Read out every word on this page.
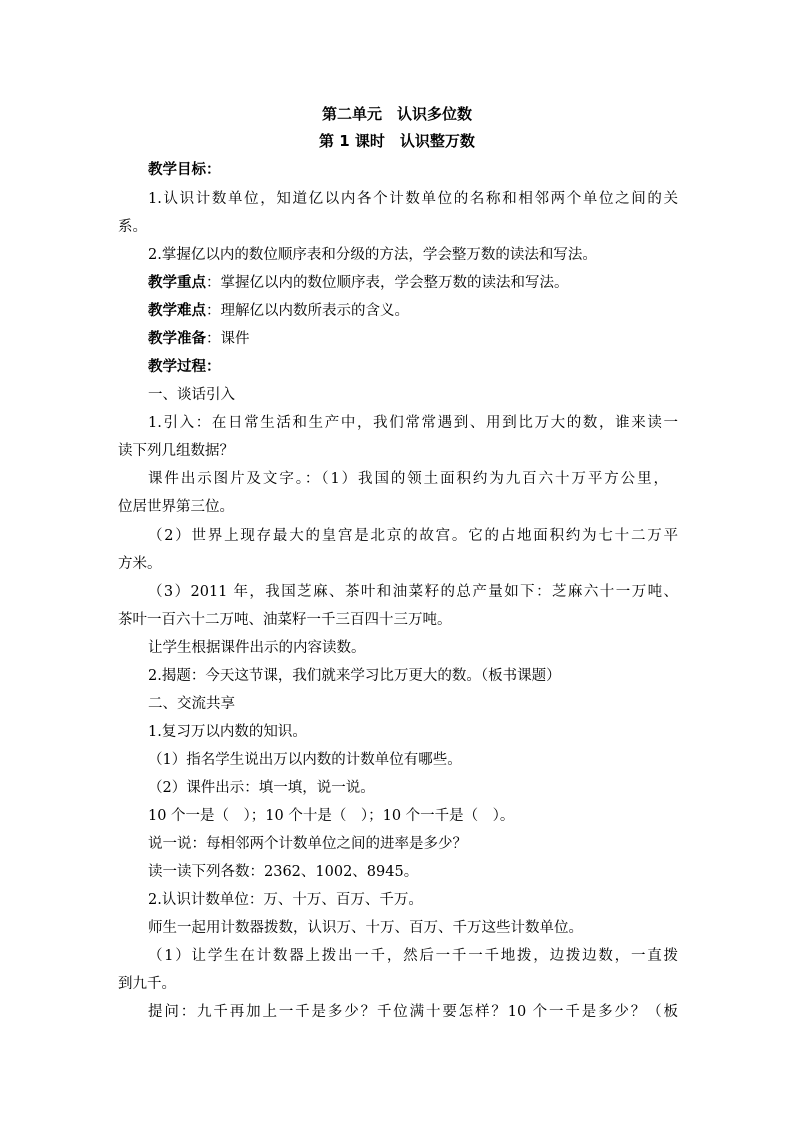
第二单元　认识多位数
第 1 课时　认识整万数
教学目标：
1.认识计数单位，知道亿以内各个计数单位的名称和相邻两个单位之间的关
系。
2.掌握亿以内的数位顺序表和分级的方法，学会整万数的读法和写法。
教学重点：掌握亿以内的数位顺序表，学会整万数的读法和写法。
教学难点：理解亿以内数所表示的含义。
教学准备：课件
教学过程：
一、谈话引入
1.引入：在日常生活和生产中，我们常常遇到、用到比万大的数，谁来读一
读下列几组数据？
课件出示图片及文字。：（1）我国的领土面积约为九百六十万平方公里，
位居世界第三位。
（2）世界上现存最大的皇宫是北京的故宫。它的占地面积约为七十二万平
方米。
（3）2011 年，我国芝麻、茶叶和油菜籽的总产量如下：芝麻六十一万吨、
茶叶一百六十二万吨、油菜籽一千三百四十三万吨。
让学生根据课件出示的内容读数。
2.揭题：今天这节课，我们就来学习比万更大的数。（板书课题）
二、交流共享
1.复习万以内数的知识。
（1）指名学生说出万以内数的计数单位有哪些。
（2）课件出示：填一填，说一说。
10 个一是（　）；10 个十是（　）；10 个一千是（　）。
说一说：每相邻两个计数单位之间的进率是多少？
读一读下列各数：2362、1002、8945。
2.认识计数单位：万、十万、百万、千万。
师生一起用计数器拨数，认识万、十万、百万、千万这些计数单位。
（1）让学生在计数器上拨出一千，然后一千一千地拨，边拨边数，一直拨
到九千。
提问：九千再加上一千是多少？千位满十要怎样？10 个一千是多少？（板
